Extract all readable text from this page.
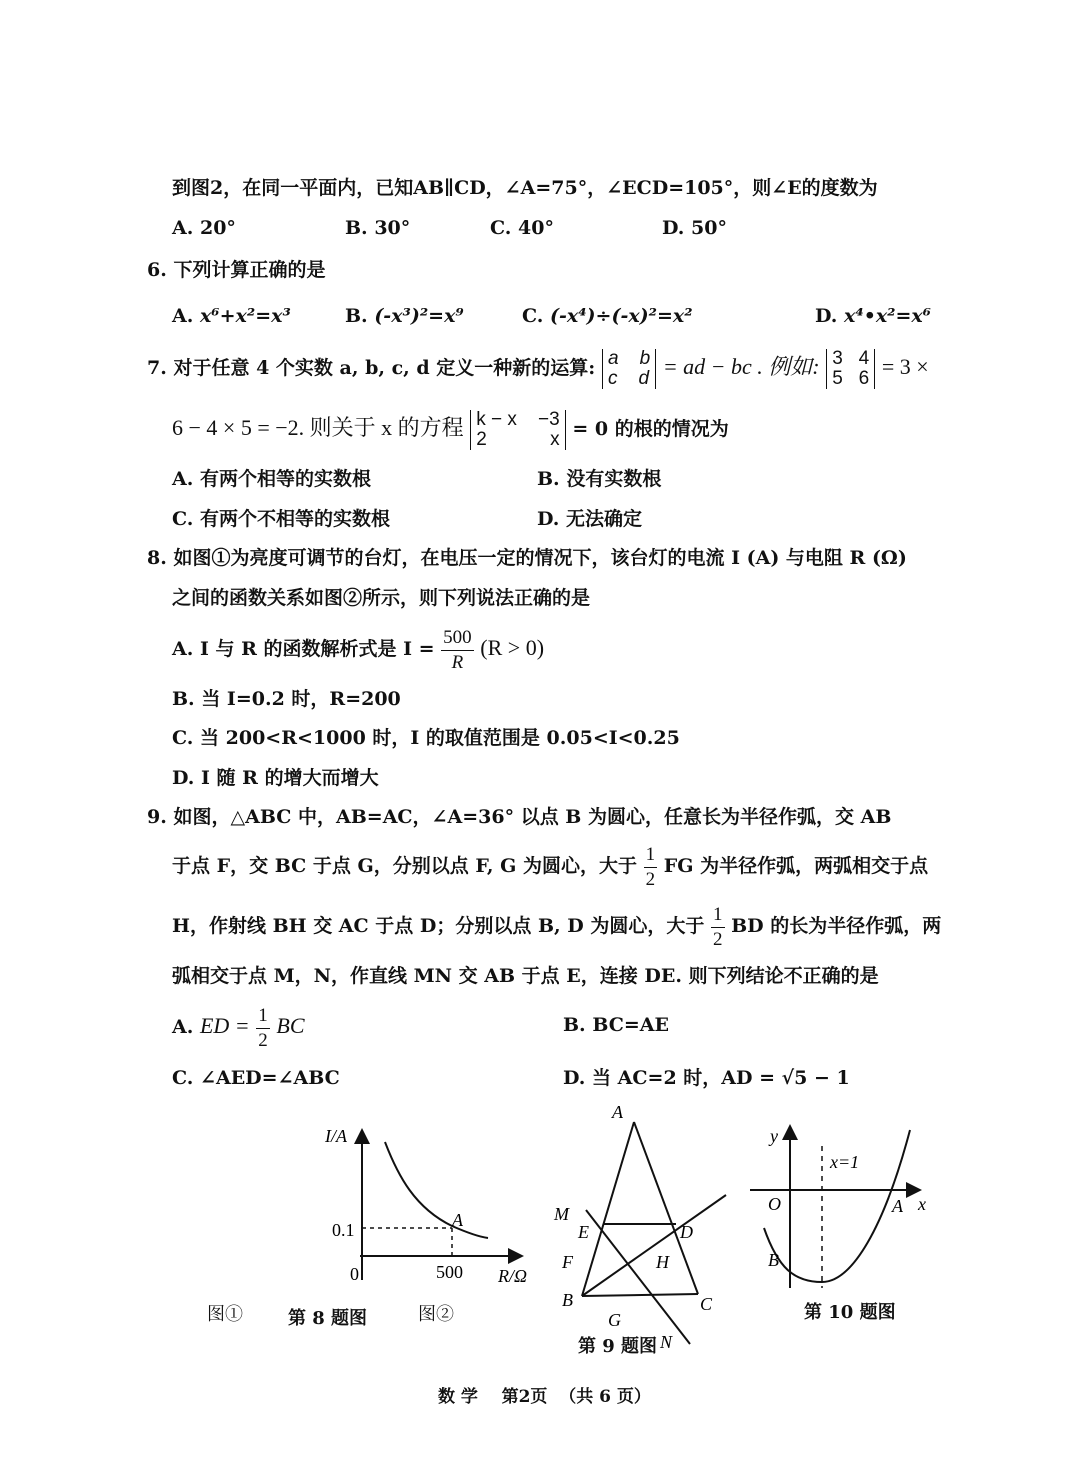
到图2，在同一平面内，已知AB∥CD，∠A=75°，∠ECD=105°，则∠E的度数为
A. 20°	B. 30°	C. 40°	D. 50°
6. 下列计算正确的是
A. x⁶+x²=x³	B. (-x³)²=x⁹	C. (-x⁴)÷(-x)²=x²	D. x⁴•x²=x⁶
7. 对于任意 4 个实数 a, b, c, d 定义一种新的运算: a    b
c    d = ad − bc . 例如: 3   4
5   6 = 3 ×
6 − 4 × 5 = −2. 则关于 x 的方程 k − x    −3
2            x = 0 的根的情况为
A. 有两个相等的实数根	B. 没有实数根
C. 有两个不相等的实数根	D. 无法确定
8. 如图①为亮度可调节的台灯，在电压一定的情况下，该台灯的电流 I (A) 与电阻 R (Ω)
之间的函数关系如图②所示，则下列说法正确的是
A. I 与 R 的函数解析式是 $I = \frac{500}{R} (R > 0)$
B. 当 I=0.2 时，R=200
C. 当 200<R<1000 时，I 的取值范围是 0.05<I<0.25
D. I 随 R 的增大而增大
9. 如图，△ABC 中，AB=AC，∠A=36° 以点 B 为圆心，任意长为半径作弧，交 AB
于点 F，交 BC 于点 G，分别以点 F, G 为圆心，大于 $\frac{1}{2}$ FG 为半径作弧，两弧相交于点
H，作射线 BH 交 AC 于点 D；分别以点 B, D 为圆心，大于 $\frac{1}{2}$ BD 的长为半径作弧，两
弧相交于点 M，N，作直线 MN 交 AB 于点 E，连接 DE. 则下列结论不正确的是
A. ED = $\frac{1}{2}$ BC	B. BC=AE
C. ∠AED=∠ABC	D. 当 AC=2 时，AD = √5 − 1
I/A
R/Ω
0
0.1
500
A
图①	第 8 题图	图②
A
M
E	D
F	H
B	C
G
N
第 9 题图
y
x
O
x=1
A
B
第 10 题图
数 学    第2页  （共 6 页）
